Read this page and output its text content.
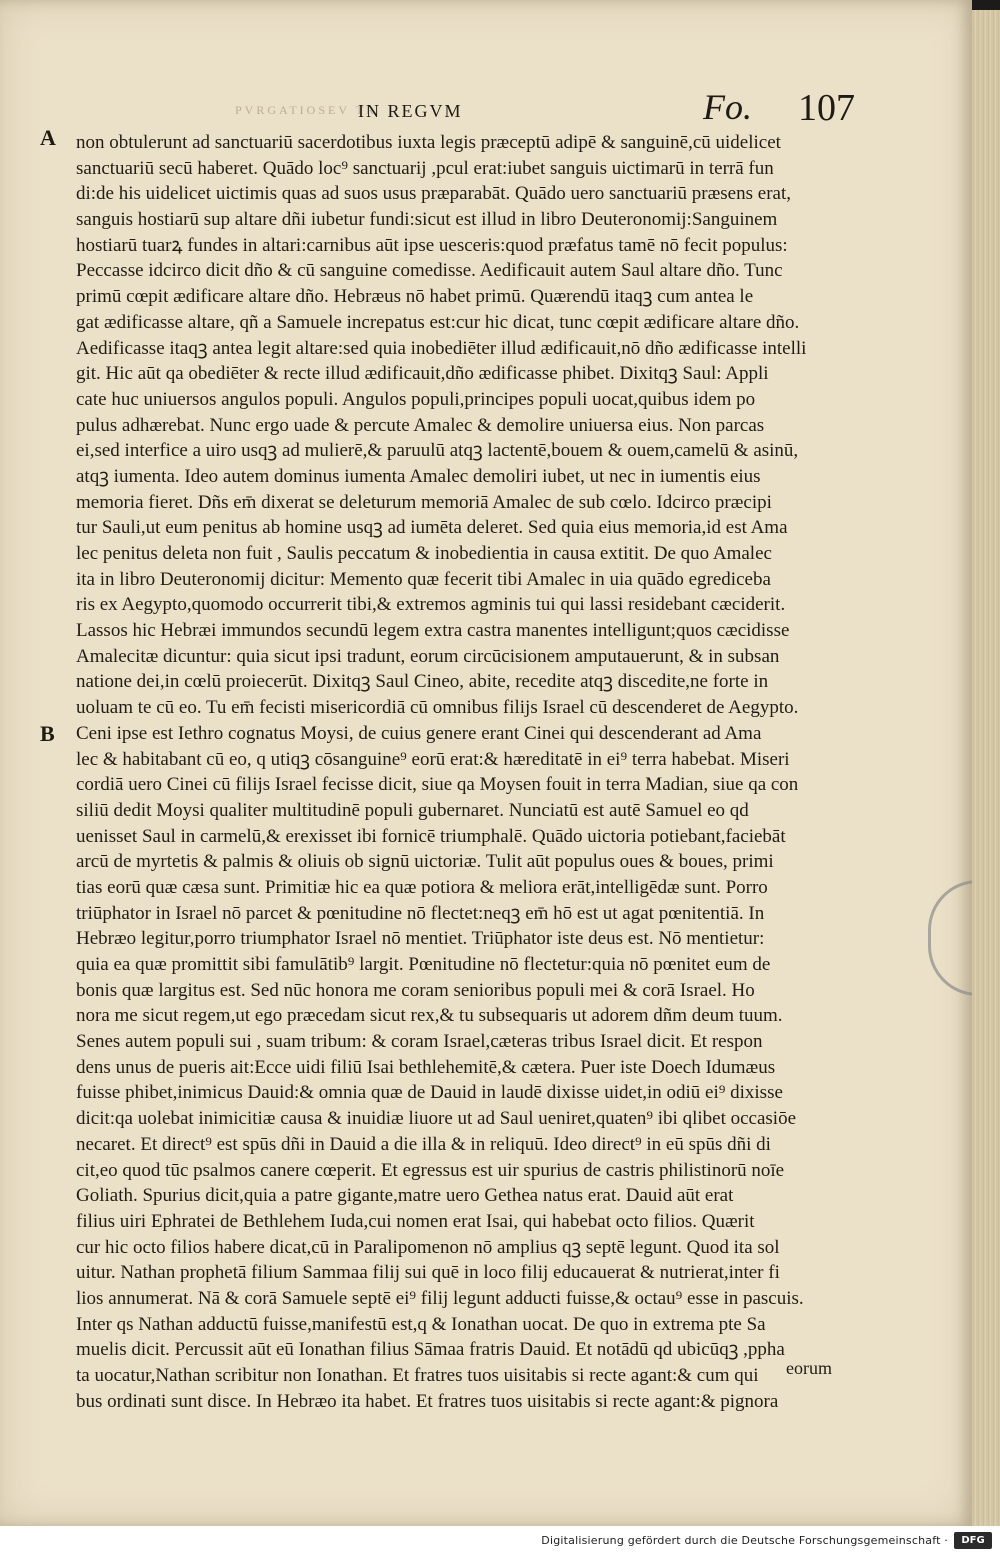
PVRGATIOSEV TR
IN REGVM	Fo. 107
A
B
non obtulerunt ad sanctuariū sacerdotibus iuxta legis præceptū adipē & sanguinē,cū uidelicet
sanctuariū secū haberet. Quādo loc⁹ sanctuarij ,pcul erat:iubet sanguis uictimarū in terrā fun
di:de his uidelicet uictimis quas ad suos usus præparabāt. Quādo uero sanctuariū præsens erat,
sanguis hostiarū sup altare dñi iubetur fundi:sicut est illud in libro Deuteronomij:Sanguinem
hostiarū tuarꝝ fundes in altari:carnibus aūt ipse uesceris:quod præfatus tamē nō fecit populus:
Peccasse idcirco dicit dño & cū sanguine comedisse. Aedificauit autem Saul altare dño. Tunc
primū cœpit ædificare altare dño. Hebræus nō habet primū. Quærendū itaqꝫ cum antea le
gat ædificasse altare, qñ a Samuele increpatus est:cur hic dicat, tunc cœpit ædificare altare dño.
Aedificasse itaqꝫ antea legit altare:sed quia inobediēter illud ædificauit,nō dño ædificasse intelli
git. Hic aūt qa obediēter & recte illud ædificauit,dño ædificasse phibet. Dixitqꝫ Saul: Appli
cate huc uniuersos angulos populi. Angulos populi,principes populi uocat,quibus idem po
pulus adhærebat. Nunc ergo uade & percute Amalec & demolire uniuersa eius. Non parcas
ei,sed interfice a uiro usqꝫ ad mulierē,& paruulū atqꝫ lactentē,bouem & ouem,camelū & asinū,
atqꝫ iumenta. Ideo autem dominus iumenta Amalec demoliri iubet, ut nec in iumentis eius
memoria fieret. Dñs em̄ dixerat se deleturum memoriā Amalec de sub cœlo. Idcirco præcipi
tur Sauli,ut eum penitus ab homine usqꝫ ad iumēta deleret. Sed quia eius memoria,id est Ama
lec penitus deleta non fuit , Saulis peccatum & inobedientia in causa extitit. De quo Amalec
ita in libro Deuteronomij dicitur: Memento quæ fecerit tibi Amalec in uia quādo egrediceba
ris ex Aegypto,quomodo occurrerit tibi,& extremos agminis tui qui lassi residebant cæciderit.
Lassos hic Hebræi immundos secundū legem extra castra manentes intelligunt;quos cæcidisse
Amalecitæ dicuntur: quia sicut ipsi tradunt, eorum circūcisionem amputauerunt, & in subsan
natione dei,in cœlū proiecerūt. Dixitqꝫ Saul Cineo, abite, recedite atqꝫ discedite,ne forte in
uoluam te cū eo. Tu em̄ fecisti misericordiā cū omnibus filijs Israel cū descenderet de Aegypto.
Ceni ipse est Iethro cognatus Moysi, de cuius genere erant Cinei qui descenderant ad Ama
lec & habitabant cū eo, q utiqꝫ cōsanguine⁹ eorū erat:& hæreditatē in ei⁹ terra habebat. Miseri
cordiā uero Cinei cū filijs Israel fecisse dicit, siue qa Moysen fouit in terra Madian, siue qa con
siliū dedit Moysi qualiter multitudinē populi gubernaret. Nunciatū est autē Samuel eo qd
uenisset Saul in carmelū,& erexisset ibi fornicē triumphalē. Quādo uictoria potiebant,faciebāt
arcū de myrtetis & palmis & oliuis ob signū uictoriæ. Tulit aūt populus oues & boues, primi
tias eorū quæ cæsa sunt. Primitiæ hic ea quæ potiora & meliora erāt,intelligēdæ sunt. Porro
triūphator in Israel nō parcet & pœnitudine nō flectet:neqꝫ em̄ hō est ut agat pœnitentiā. In
Hebræo legitur,porro triumphator Israel nō mentiet. Triūphator iste deus est. Nō mentietur:
quia ea quæ promittit sibi famulātib⁹ largit. Pœnitudine nō flectetur:quia nō pœnitet eum de
bonis quæ largitus est. Sed nūc honora me coram senioribus populi mei & corā Israel. Ho
nora me sicut regem,ut ego præcedam sicut rex,& tu subsequaris ut adorem dñm deum tuum.
Senes autem populi sui , suam tribum: & coram Israel,cæteras tribus Israel dicit. Et respon
dens unus de pueris ait:Ecce uidi filiū Isai bethlehemitē,& cætera. Puer iste Doech Idumæus
fuisse phibet,inimicus Dauid:& omnia quæ de Dauid in laudē dixisse uidet,in odiū ei⁹ dixisse
dicit:qa uolebat inimicitiæ causa & inuidiæ liuore ut ad Saul ueniret,quaten⁹ ibi qlibet occasiōe
necaret. Et direct⁹ est spūs dñi in Dauid a die illa & in reliquū. Ideo direct⁹ in eū spūs dñi di
cit,eo quod tūc psalmos canere cœperit. Et egressus est uir spurius de castris philistinorū noīe
Goliath. Spurius dicit,quia a patre gigante,matre uero Gethea natus erat. Dauid aūt erat
filius uiri Ephratei de Bethlehem Iuda,cui nomen erat Isai, qui habebat octo filios. Quærit
cur hic octo filios habere dicat,cū in Paralipomenon nō amplius qꝫ septē legunt. Quod ita sol
uitur. Nathan prophetā filium Sammaa filij sui quē in loco filij educauerat & nutrierat,inter fi
lios annumerat. Nā & corā Samuele septē ei⁹ filij legunt adducti fuisse,& octau⁹ esse in pascuis.
Inter qs Nathan adductū fuisse,manifestū est,q & Ionathan uocat. De quo in extrema pte Sa
muelis dicit. Percussit aūt eū Ionathan filius Sāmaa fratris Dauid. Et notādū qd ubicūqꝫ ,ppha
ta uocatur,Nathan scribitur non Ionathan. Et fratres tuos uisitabis si recte agant:& cum qui
bus ordinati sunt disce. In Hebræo ita habet. Et fratres tuos uisitabis si recte agant:& pignora
eorum
Digitalisierung gefördert durch die Deutsche Forschungsgemeinschaft ·	DFG
